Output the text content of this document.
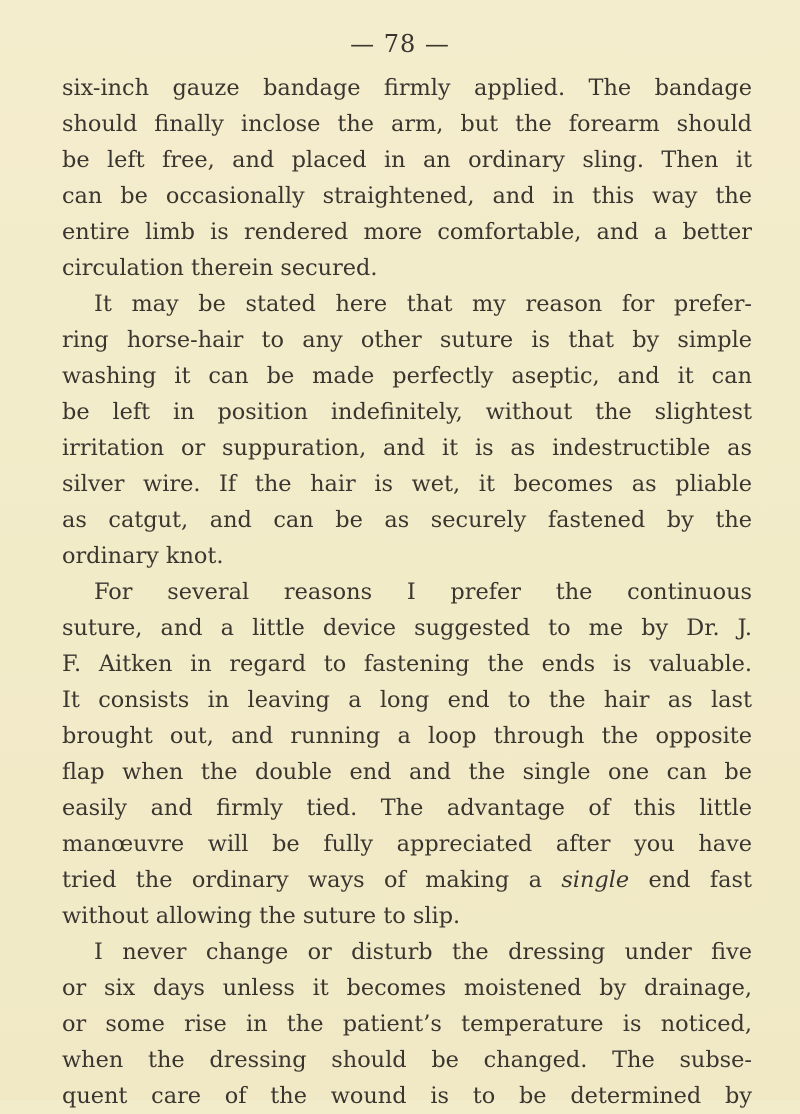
— 78 —
six-inch gauze bandage firmly applied. The bandage
should finally inclose the arm, but the forearm should
be left free, and placed in an ordinary sling. Then it
can be occasionally straightened, and in this way the
entire limb is rendered more comfortable, and a better
circulation therein secured.
It may be stated here that my reason for prefer-
ring horse-hair to any other suture is that by simple
washing it can be made perfectly aseptic, and it can
be left in position indefinitely, without the slightest
irritation or suppuration, and it is as indestructible as
silver wire. If the hair is wet, it becomes as pliable
as catgut, and can be as securely fastened by the
ordinary knot.
For several reasons I prefer the continuous
suture, and a little device suggested to me by Dr. J.
F. Aitken in regard to fastening the ends is valuable.
It consists in leaving a long end to the hair as last
brought out, and running a loop through the opposite
flap when the double end and the single one can be
easily and firmly tied. The advantage of this little
manœuvre will be fully appreciated after you have
tried the ordinary ways of making a single end fast
without allowing the suture to slip.
I never change or disturb the dressing under five
or six days unless it becomes moistened by drainage,
or some rise in the patient’s temperature is noticed,
when the dressing should be changed. The subse-
quent care of the wound is to be determined by
